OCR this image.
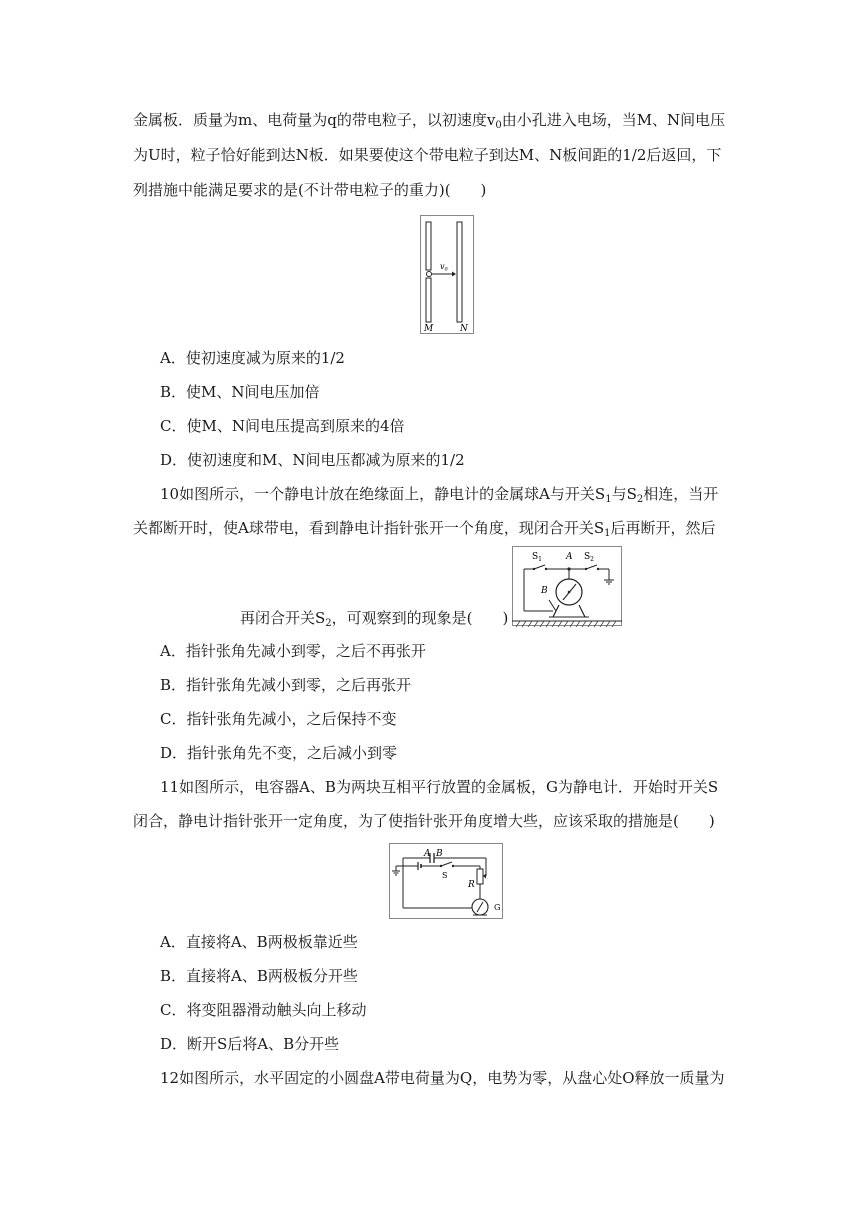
金属板．质量为m、电荷量为q的带电粒子，以初速度$v_0$由小孔进入电场，当M、N间电压
为U时，粒子恰好能到达N板．如果要使这个带电粒子到达M、N板间距的1/2后返回，下
列措施中能满足要求的是(不计带电粒子的重力)(　　)
v0
M	N
A．使初速度减为原来的1/2
B．使M、N间电压加倍
C．使M、N间电压提高到原来的4倍
D．使初速度和M、N间电压都减为原来的1/2
10如图所示，一个静电计放在绝缘面上，静电计的金属球A与开关$S_1$与$S_2$相连，当开
关都断开时，使A球带电，看到静电计指针张开一个角度，现闭合开关$S_1$后再断开，然后
$S_1$	A $S_2$
B
再闭合开关$S_2$，可观察到的现象是(　　)
A．指针张角先减小到零，之后不再张开
B．指针张角先减小到零，之后再张开
C．指针张角先减小，之后保持不变
D．指针张角先不变，之后减小到零
11如图所示，电容器A、B为两块互相平行放置的金属板，G为静电计．开始时开关S
闭合，静电计指针张开一定角度，为了使指针张开角度增大些，应该采取的措施是(　　)
A B
S
R
G
A．直接将A、B两极板靠近些
B．直接将A、B两极板分开些
C．将变阻器滑动触头向上移动
D．断开S后将A、B分开些
12如图所示，水平固定的小圆盘A带电荷量为Q，电势为零，从盘心处O释放一质量为
